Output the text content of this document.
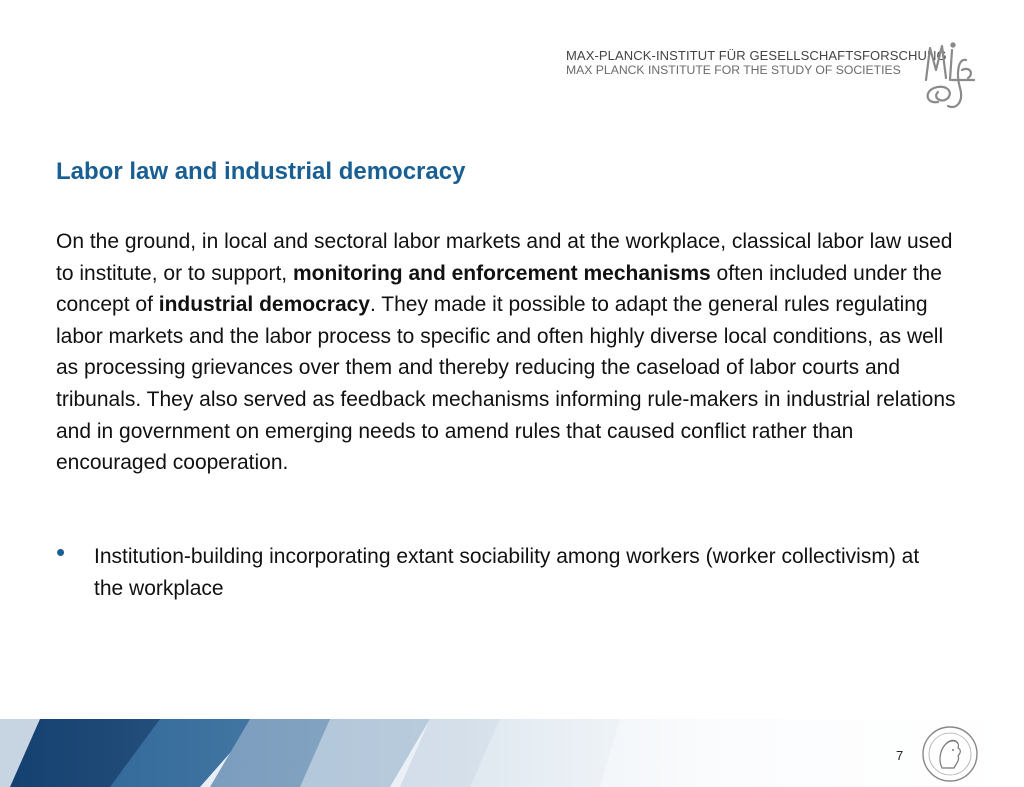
MAX-PLANCK-INSTITUT FÜR GESELLSCHAFTSFORSCHUNG
MAX PLANCK INSTITUTE FOR THE STUDY OF SOCIETIES
Labor law and industrial democracy

On the ground, in local and sectoral labor markets and at the workplace, classical labor law used to institute, or to support, monitoring and enforcement mechanisms often included under the concept of industrial democracy. They made it possible to adapt the general rules regulating labor markets and the labor process to specific and often highly diverse local conditions, as well as processing grievances over them and thereby reducing the caseload of labor courts and tribunals. They also served as feedback mechanisms informing rule-makers in industrial relations and in government on emerging needs to amend rules that caused conflict rather than encouraged cooperation.

• Institution-building incorporating extant sociability among workers (worker collectivism) at the workplace
7
